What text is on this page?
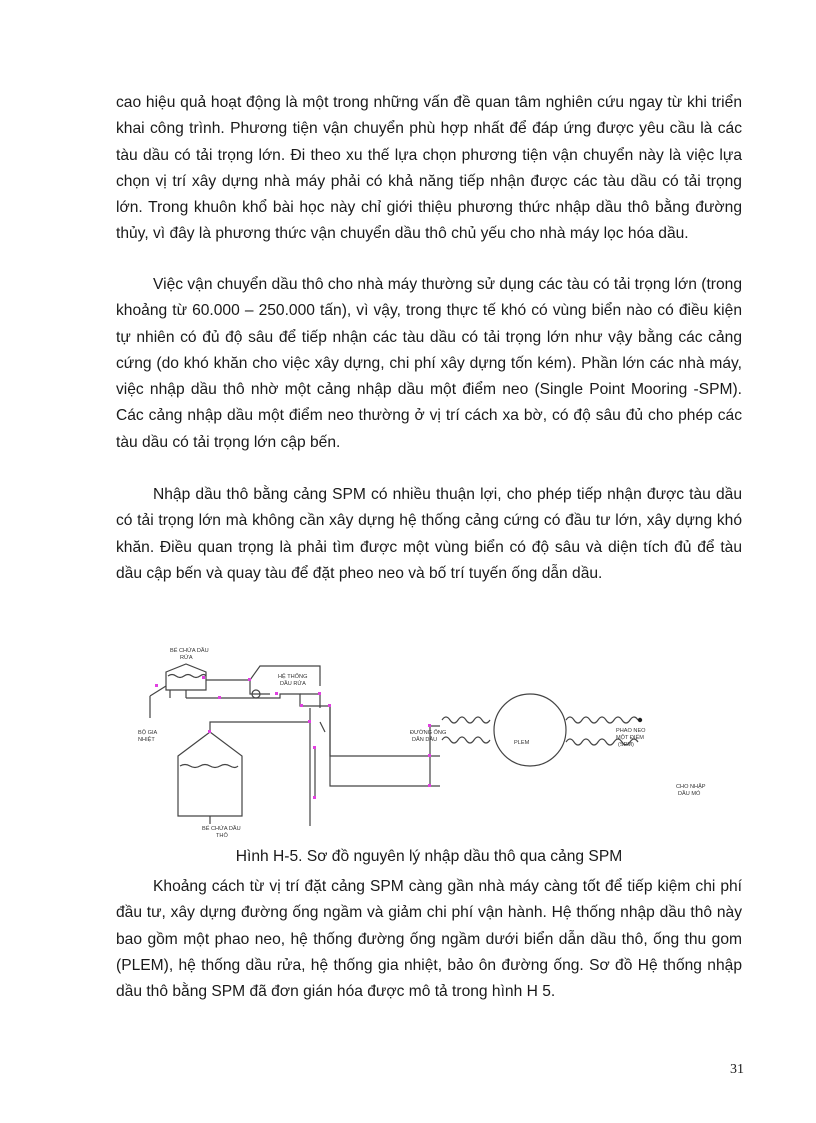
cao hiệu quả hoạt động là một trong những vấn đề quan tâm nghiên cứu ngay từ khi triển khai công trình. Phương tiện vận chuyển phù hợp nhất để đáp ứng được yêu cầu là các tàu dầu có tải trọng lớn. Đi theo xu thế lựa chọn phương tiện vận chuyển này là việc lựa chọn vị trí xây dựng nhà máy phải có khả năng tiếp nhận được các tàu dầu có tải trọng lớn. Trong khuôn khổ bài học này chỉ giới thiệu phương thức nhập dầu thô bằng đường thủy, vì đây là phương thức vận chuyển dầu thô chủ yếu cho nhà máy lọc hóa dầu.

Việc vận chuyển dầu thô cho nhà máy thường sử dụng các tàu có tải trọng lớn (trong khoảng từ 60.000 – 250.000 tấn), vì vậy, trong thực tế khó có vùng biển nào có điều kiện tự nhiên có đủ độ sâu để tiếp nhận các tàu dầu có tải trọng lớn như vậy bằng các cảng cứng (do khó khăn cho việc xây dựng, chi phí xây dựng tốn kém). Phần lớn các nhà máy, việc nhập dầu thô nhờ một cảng nhập dầu một điểm neo (Single Point Mooring -SPM). Các cảng nhập dầu một điểm neo thường ở vị trí cách xa bờ, có độ sâu đủ cho phép các tàu dầu có tải trọng lớn cập bến.

Nhập dầu thô bằng cảng SPM có nhiều thuận lợi, cho phép tiếp nhận được tàu dầu có tải trọng lớn mà không cần xây dựng hệ thống cảng cứng có đầu tư lớn, xây dựng khó khăn. Điều quan trọng là phải tìm được một vùng biển có độ sâu và diện tích đủ để tàu dầu cập bến và quay tàu để đặt pheo neo và bố trí tuyến ống dẫn dầu.

BỂ CHỨA DẦU
RỬA
HỆ THỐNG
DẦU RỬA
BỘ GIA
NHIỆT
ĐƯỜNG ỐNG
DẪN DẦU	PLEM
PHAO NEO
MỘT ĐIỂM
(SPM)
CHO NHẬP
DẦU MỎ
BỂ CHỨA DẦU
THÔ
Hình H-5. Sơ đồ nguyên lý nhập dầu thô qua cảng SPM

Khoảng cách từ vị trí đặt cảng SPM càng gần nhà máy càng tốt để tiếp kiệm chi phí đầu tư, xây dựng đường ống ngầm và giảm chi phí vận hành. Hệ thống nhập dầu thô này bao gồm một phao neo, hệ thống đường ống ngầm dưới biển dẫn dầu thô, ống thu gom (PLEM), hệ thống dầu rửa, hệ thống gia nhiệt, bảo ôn đường ống. Sơ đồ Hệ thống nhập dầu thô bằng SPM đã đơn gián hóa được mô tả trong hình H 5.

31
